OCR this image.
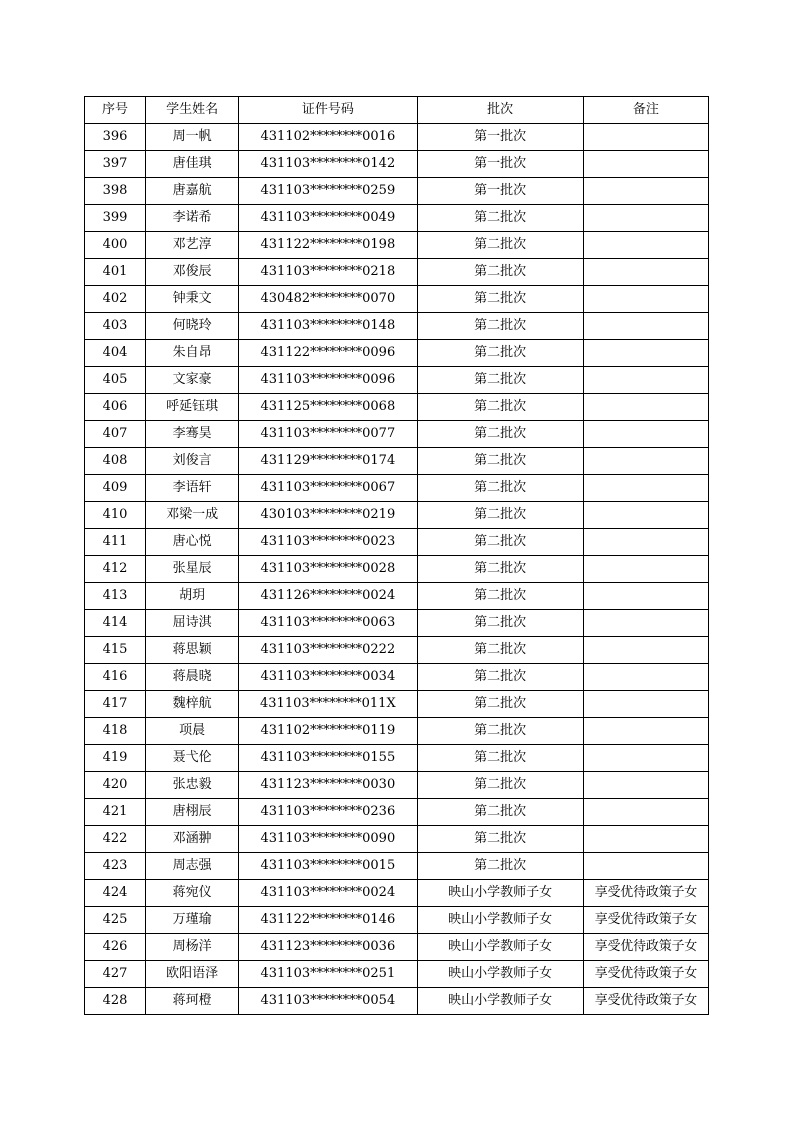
序号	学生姓名	证件号码	批次	备注
396	周一帆	431102********0016	第一批次	
397	唐佳琪	431103********0142	第一批次	
398	唐嘉航	431103********0259	第一批次	
399	李诺希	431103********0049	第二批次	
400	邓艺淳	431122********0198	第二批次	
401	邓俊辰	431103********0218	第二批次	
402	钟秉文	430482********0070	第二批次	
403	何晓玲	431103********0148	第二批次	
404	朱自昂	431122********0096	第二批次	
405	文家豪	431103********0096	第二批次	
406	呼延钰琪	431125********0068	第二批次	
407	李骞昊	431103********0077	第二批次	
408	刘俊言	431129********0174	第二批次	
409	李语轩	431103********0067	第二批次	
410	邓梁一成	430103********0219	第二批次	
411	唐心悦	431103********0023	第二批次	
412	张星辰	431103********0028	第二批次	
413	胡玥	431126********0024	第二批次	
414	屈诗淇	431103********0063	第二批次	
415	蒋思颖	431103********0222	第二批次	
416	蒋晨晓	431103********0034	第二批次	
417	魏梓航	431103********011X	第二批次	
418	项晨	431102********0119	第二批次	
419	聂弋伦	431103********0155	第二批次	
420	张忠毅	431123********0030	第二批次	
421	唐栩辰	431103********0236	第二批次	
422	邓涵翀	431103********0090	第二批次	
423	周志强	431103********0015	第二批次	
424	蒋宛仪	431103********0024	映山小学教师子女	享受优待政策子女
425	万瑾瑜	431122********0146	映山小学教师子女	享受优待政策子女
426	周杨洋	431123********0036	映山小学教师子女	享受优待政策子女
427	欧阳语泽	431103********0251	映山小学教师子女	享受优待政策子女
428	蒋珂橙	431103********0054	映山小学教师子女	享受优待政策子女
